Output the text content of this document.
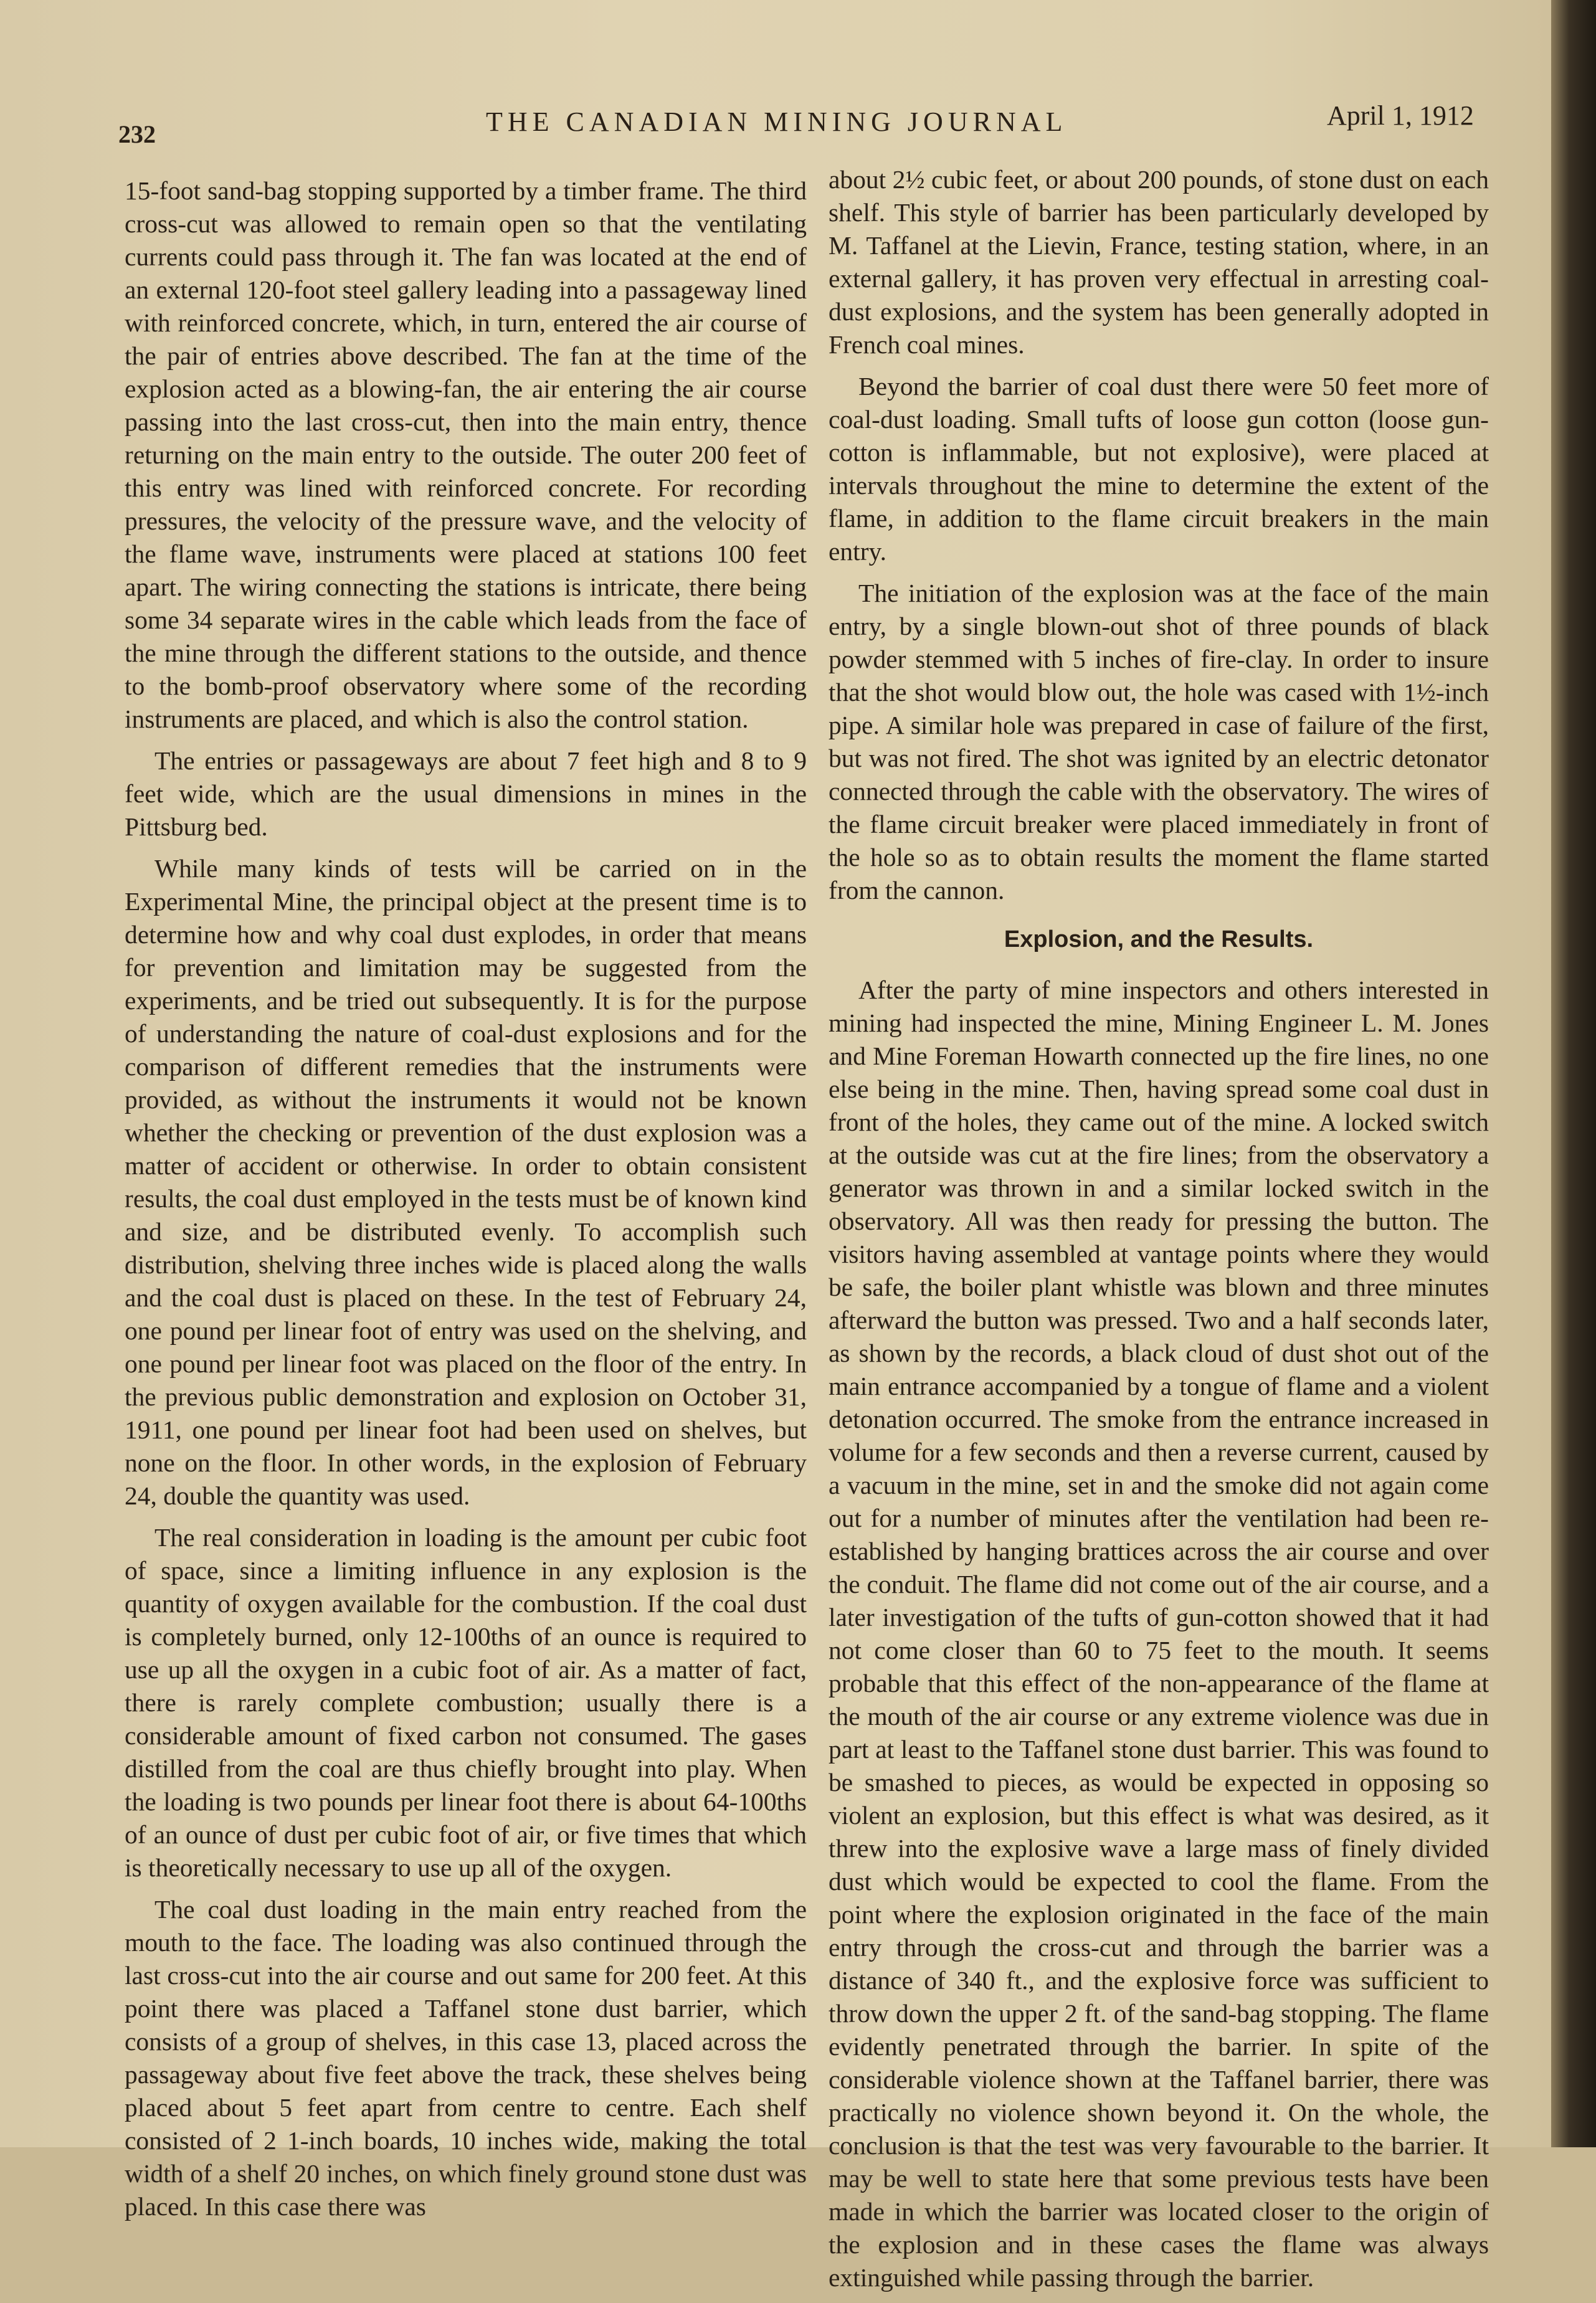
232	THE CANADIAN MINING JOURNAL	April 1, 1912

15-foot sand-bag stopping supported by a timber frame. The third cross-cut was allowed to remain open so that the ventilating currents could pass through it. The fan was located at the end of an external 120-foot steel gallery leading into a passageway lined with reinforced concrete, which, in turn, entered the air course of the pair of entries above described. The fan at the time of the explosion acted as a blowing-fan, the air entering the air course passing into the last cross-cut, then into the main entry, thence returning on the main entry to the outside. The outer 200 feet of this entry was lined with reinforced concrete. For recording pressures, the velocity of the pressure wave, and the velocity of the flame wave, instruments were placed at stations 100 feet apart. The wiring connecting the stations is intricate, there being some 34 separate wires in the cable which leads from the face of the mine through the different stations to the outside, and thence to the bomb-proof observatory where some of the recording instruments are placed, and which is also the control station.

The entries or passageways are about 7 feet high and 8 to 9 feet wide, which are the usual dimensions in mines in the Pittsburg bed.

While many kinds of tests will be carried on in the Experimental Mine, the principal object at the present time is to determine how and why coal dust explodes, in order that means for prevention and limitation may be suggested from the experiments, and be tried out subsequently. It is for the purpose of understanding the nature of coal-dust explosions and for the comparison of different remedies that the instruments were provided, as without the instruments it would not be known whether the checking or prevention of the dust explosion was a matter of accident or otherwise. In order to obtain consistent results, the coal dust employed in the tests must be of known kind and size, and be distributed evenly. To accomplish such distribution, shelving three inches wide is placed along the walls and the coal dust is placed on these. In the test of February 24, one pound per linear foot of entry was used on the shelving, and one pound per linear foot was placed on the floor of the entry. In the previous public demonstration and explosion on October 31, 1911, one pound per linear foot had been used on shelves, but none on the floor. In other words, in the explosion of February 24, double the quantity was used.

The real consideration in loading is the amount per cubic foot of space, since a limiting influence in any explosion is the quantity of oxygen available for the combustion. If the coal dust is completely burned, only 12-100ths of an ounce is required to use up all the oxygen in a cubic foot of air. As a matter of fact, there is rarely complete combustion; usually there is a considerable amount of fixed carbon not consumed. The gases distilled from the coal are thus chiefly brought into play. When the loading is two pounds per linear foot there is about 64-100ths of an ounce of dust per cubic foot of air, or five times that which is theoretically necessary to use up all of the oxygen.

The coal dust loading in the main entry reached from the mouth to the face. The loading was also continued through the last cross-cut into the air course and out same for 200 feet. At this point there was placed a Taffanel stone dust barrier, which consists of a group of shelves, in this case 13, placed across the passageway about five feet above the track, these shelves being placed about 5 feet apart from centre to centre. Each shelf consisted of 2 1-inch boards, 10 inches wide, making the total width of a shelf 20 inches, on which finely ground stone dust was placed. In this case there was

about 2½ cubic feet, or about 200 pounds, of stone dust on each shelf. This style of barrier has been particularly developed by M. Taffanel at the Lievin, France, testing station, where, in an external gallery, it has proven very effectual in arresting coal-dust explosions, and the system has been generally adopted in French coal mines.

Beyond the barrier of coal dust there were 50 feet more of coal-dust loading. Small tufts of loose gun cotton (loose gun-cotton is inflammable, but not explosive), were placed at intervals throughout the mine to determine the extent of the flame, in addition to the flame circuit breakers in the main entry.

The initiation of the explosion was at the face of the main entry, by a single blown-out shot of three pounds of black powder stemmed with 5 inches of fire-clay. In order to insure that the shot would blow out, the hole was cased with 1½-inch pipe. A similar hole was prepared in case of failure of the first, but was not fired. The shot was ignited by an electric detonator connected through the cable with the observatory. The wires of the flame circuit breaker were placed immediately in front of the hole so as to obtain results the moment the flame started from the cannon.

Explosion, and the Results.

After the party of mine inspectors and others interested in mining had inspected the mine, Mining Engineer L. M. Jones and Mine Foreman Howarth connected up the fire lines, no one else being in the mine. Then, having spread some coal dust in front of the holes, they came out of the mine. A locked switch at the outside was cut at the fire lines; from the observatory a generator was thrown in and a similar locked switch in the observatory. All was then ready for pressing the button. The visitors having assembled at vantage points where they would be safe, the boiler plant whistle was blown and three minutes afterward the button was pressed. Two and a half seconds later, as shown by the records, a black cloud of dust shot out of the main entrance accompanied by a tongue of flame and a violent detonation occurred. The smoke from the entrance increased in volume for a few seconds and then a reverse current, caused by a vacuum in the mine, set in and the smoke did not again come out for a number of minutes after the ventilation had been re-established by hanging brattices across the air course and over the conduit. The flame did not come out of the air course, and a later investigation of the tufts of gun-cotton showed that it had not come closer than 60 to 75 feet to the mouth. It seems probable that this effect of the non-appearance of the flame at the mouth of the air course or any extreme violence was due in part at least to the Taffanel stone dust barrier. This was found to be smashed to pieces, as would be expected in opposing so violent an explosion, but this effect is what was desired, as it threw into the explosive wave a large mass of finely divided dust which would be expected to cool the flame. From the point where the explosion originated in the face of the main entry through the cross-cut and through the barrier was a distance of 340 ft., and the explosive force was sufficient to throw down the upper 2 ft. of the sand-bag stopping. The flame evidently penetrated through the barrier. In spite of the considerable violence shown at the Taffanel barrier, there was practically no violence shown beyond it. On the whole, the conclusion is that the test was very favourable to the barrier. It may be well to state here that some previous tests have been made in which the barrier was located closer to the origin of the explosion and in these cases the flame was always extinguished while passing through the barrier.
